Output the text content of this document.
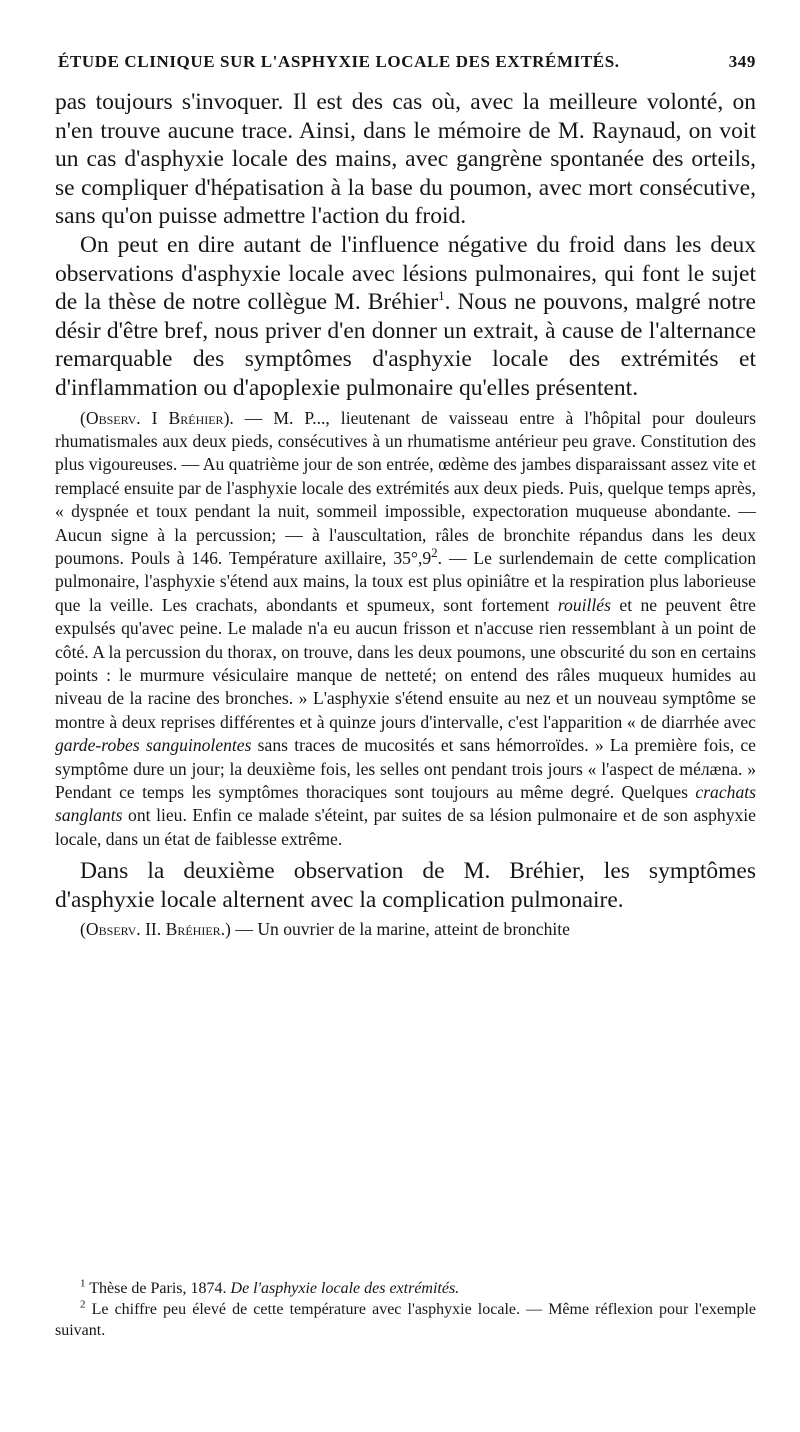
ÉTUDE CLINIQUE SUR L'ASPHYXIE LOCALE DES EXTRÉMITÉS.	349

pas toujours s'invoquer. Il est des cas où, avec la meilleure volonté, on n'en trouve aucune trace. Ainsi, dans le mémoire de M. Raynaud, on voit un cas d'asphyxie locale des mains, avec gangrène spontanée des orteils, se compliquer d'hépatisation à la base du poumon, avec mort consécutive, sans qu'on puisse admettre l'action du froid.

On peut en dire autant de l'influence négative du froid dans les deux observations d'asphyxie locale avec lésions pulmonaires, qui font le sujet de la thèse de notre collègue M. Bréhier$^1$. Nous ne pouvons, malgré notre désir d'être bref, nous priver d'en donner un extrait, à cause de l'alternance remarquable des symptômes d'asphyxie locale des extrémités et d'inflammation ou d'apoplexie pulmonaire qu'elles présentent.

(Observ. I Bréhier). — M. P..., lieutenant de vaisseau entre à l'hôpital pour douleurs rhumatismales aux deux pieds, consécutives à un rhumatisme antérieur peu grave. Constitution des plus vigoureuses. — Au quatrième jour de son entrée, œdème des jambes disparaissant assez vite et remplacé ensuite par de l'asphyxie locale des extrémités aux deux pieds. Puis, quelque temps après, « dyspnée et toux pendant la nuit, sommeil impossible, expectoration muqueuse abondante. — Aucun signe à la percussion; — à l'auscultation, râles de bronchite répandus dans les deux poumons. Pouls à 146. Température axillaire, $35^\circ,9^2$. — Le surlendemain de cette complication pulmonaire, l'asphyxie s'étend aux mains, la toux est plus opiniâtre et la respiration plus laborieuse que la veille. Les crachats, abondants et spumeux, sont fortement rouillés et ne peuvent être expulsés qu'avec peine. Le malade n'a eu aucun frisson et n'accuse rien ressemblant à un point de côté. A la percussion du thorax, on trouve, dans les deux poumons, une obscurité du son en certains points : le murmure vésiculaire manque de netteté; on entend des râles muqueux humides au niveau de la racine des bronches. » L'asphyxie s'étend ensuite au nez et un nouveau symptôme se montre à deux reprises différentes et à quinze jours d'intervalle, c'est l'apparition « de diarrhée avec garde-robes sanguinolentes sans traces de mucosités et sans hémorroïdes. » La première fois, ce symptôme dure un jour; la deuxième fois, les selles ont pendant trois jours « l'aspect de méлæna. » Pendant ce temps les symptômes thoraciques sont toujours au même degré. Quelques crachats sanglants ont lieu. Enfin ce malade s'éteint, par suites de sa lésion pulmonaire et de son asphyxie locale, dans un état de faiblesse extrême.

Dans la deuxième observation de M. Bréhier, les symptômes d'asphyxie locale alternent avec la complication pulmonaire.

(Observ. II. Bréhier.) — Un ouvrier de la marine, atteint de bronchite

$^1$ Thèse de Paris, 1874. De l'asphyxie locale des extrémités.

$^2$ Le chiffre peu élevé de cette température avec l'asphyxie locale. — Même réflexion pour l'exemple suivant.
